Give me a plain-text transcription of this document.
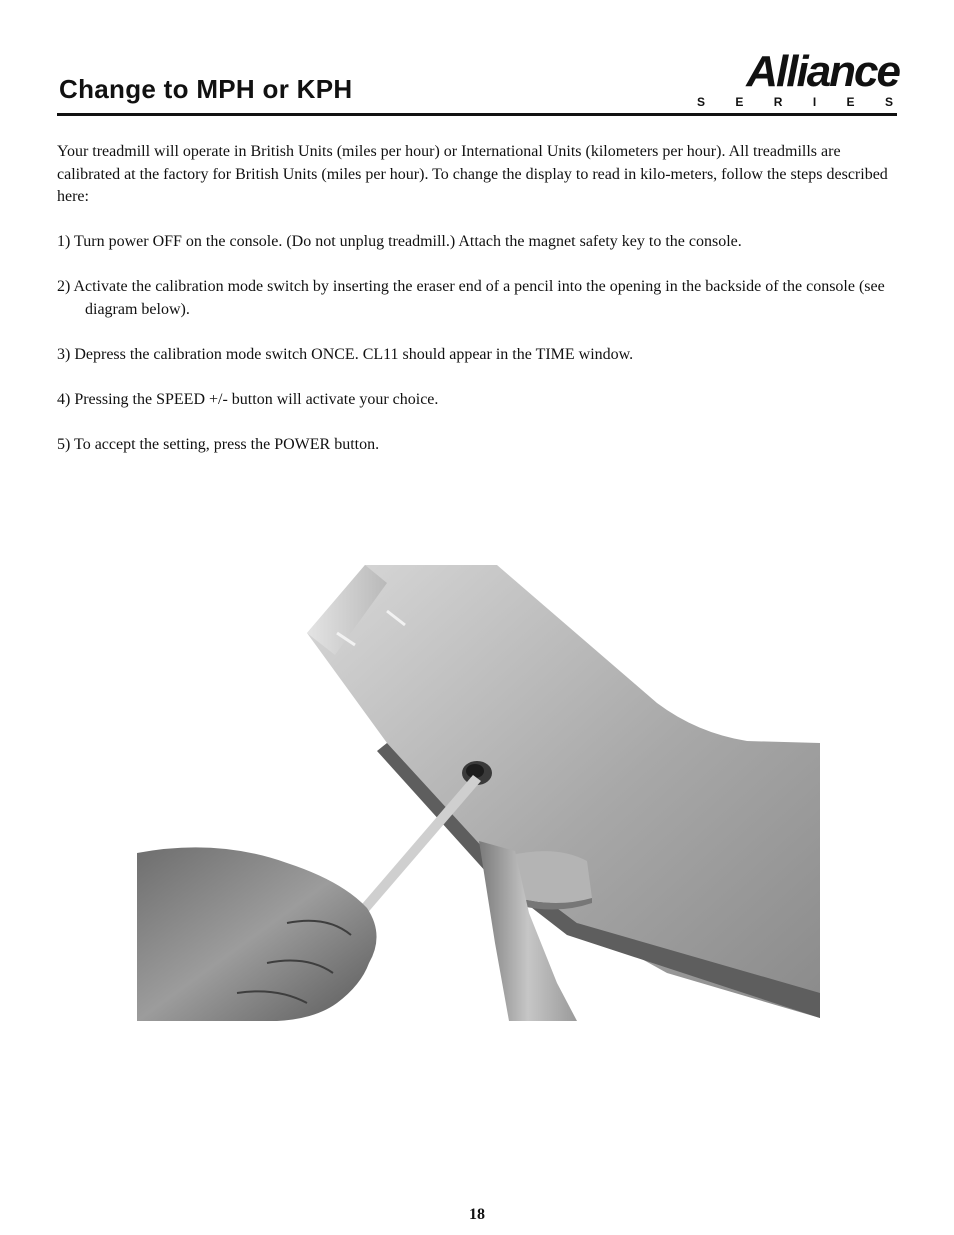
Change to MPH or KPH	Alliance
S	E	R	I	E	S

Your treadmill will operate in British Units (miles per hour) or International Units (kilometers per hour). All treadmills are calibrated at the factory for British Units (miles per hour). To change the display to read in kilo-meters, follow the steps described here:

1) Turn power OFF on the console. (Do not unplug treadmill.) Attach the magnet safety key to the console.

2) Activate the calibration mode switch by inserting the eraser end of a pencil into the opening in the backside of the console (see diagram below).

3) Depress the calibration mode switch ONCE. CL11 should appear in the TIME window.

4) Pressing the SPEED +/- button will activate your choice.

5) To accept the setting, press the POWER button.

18
